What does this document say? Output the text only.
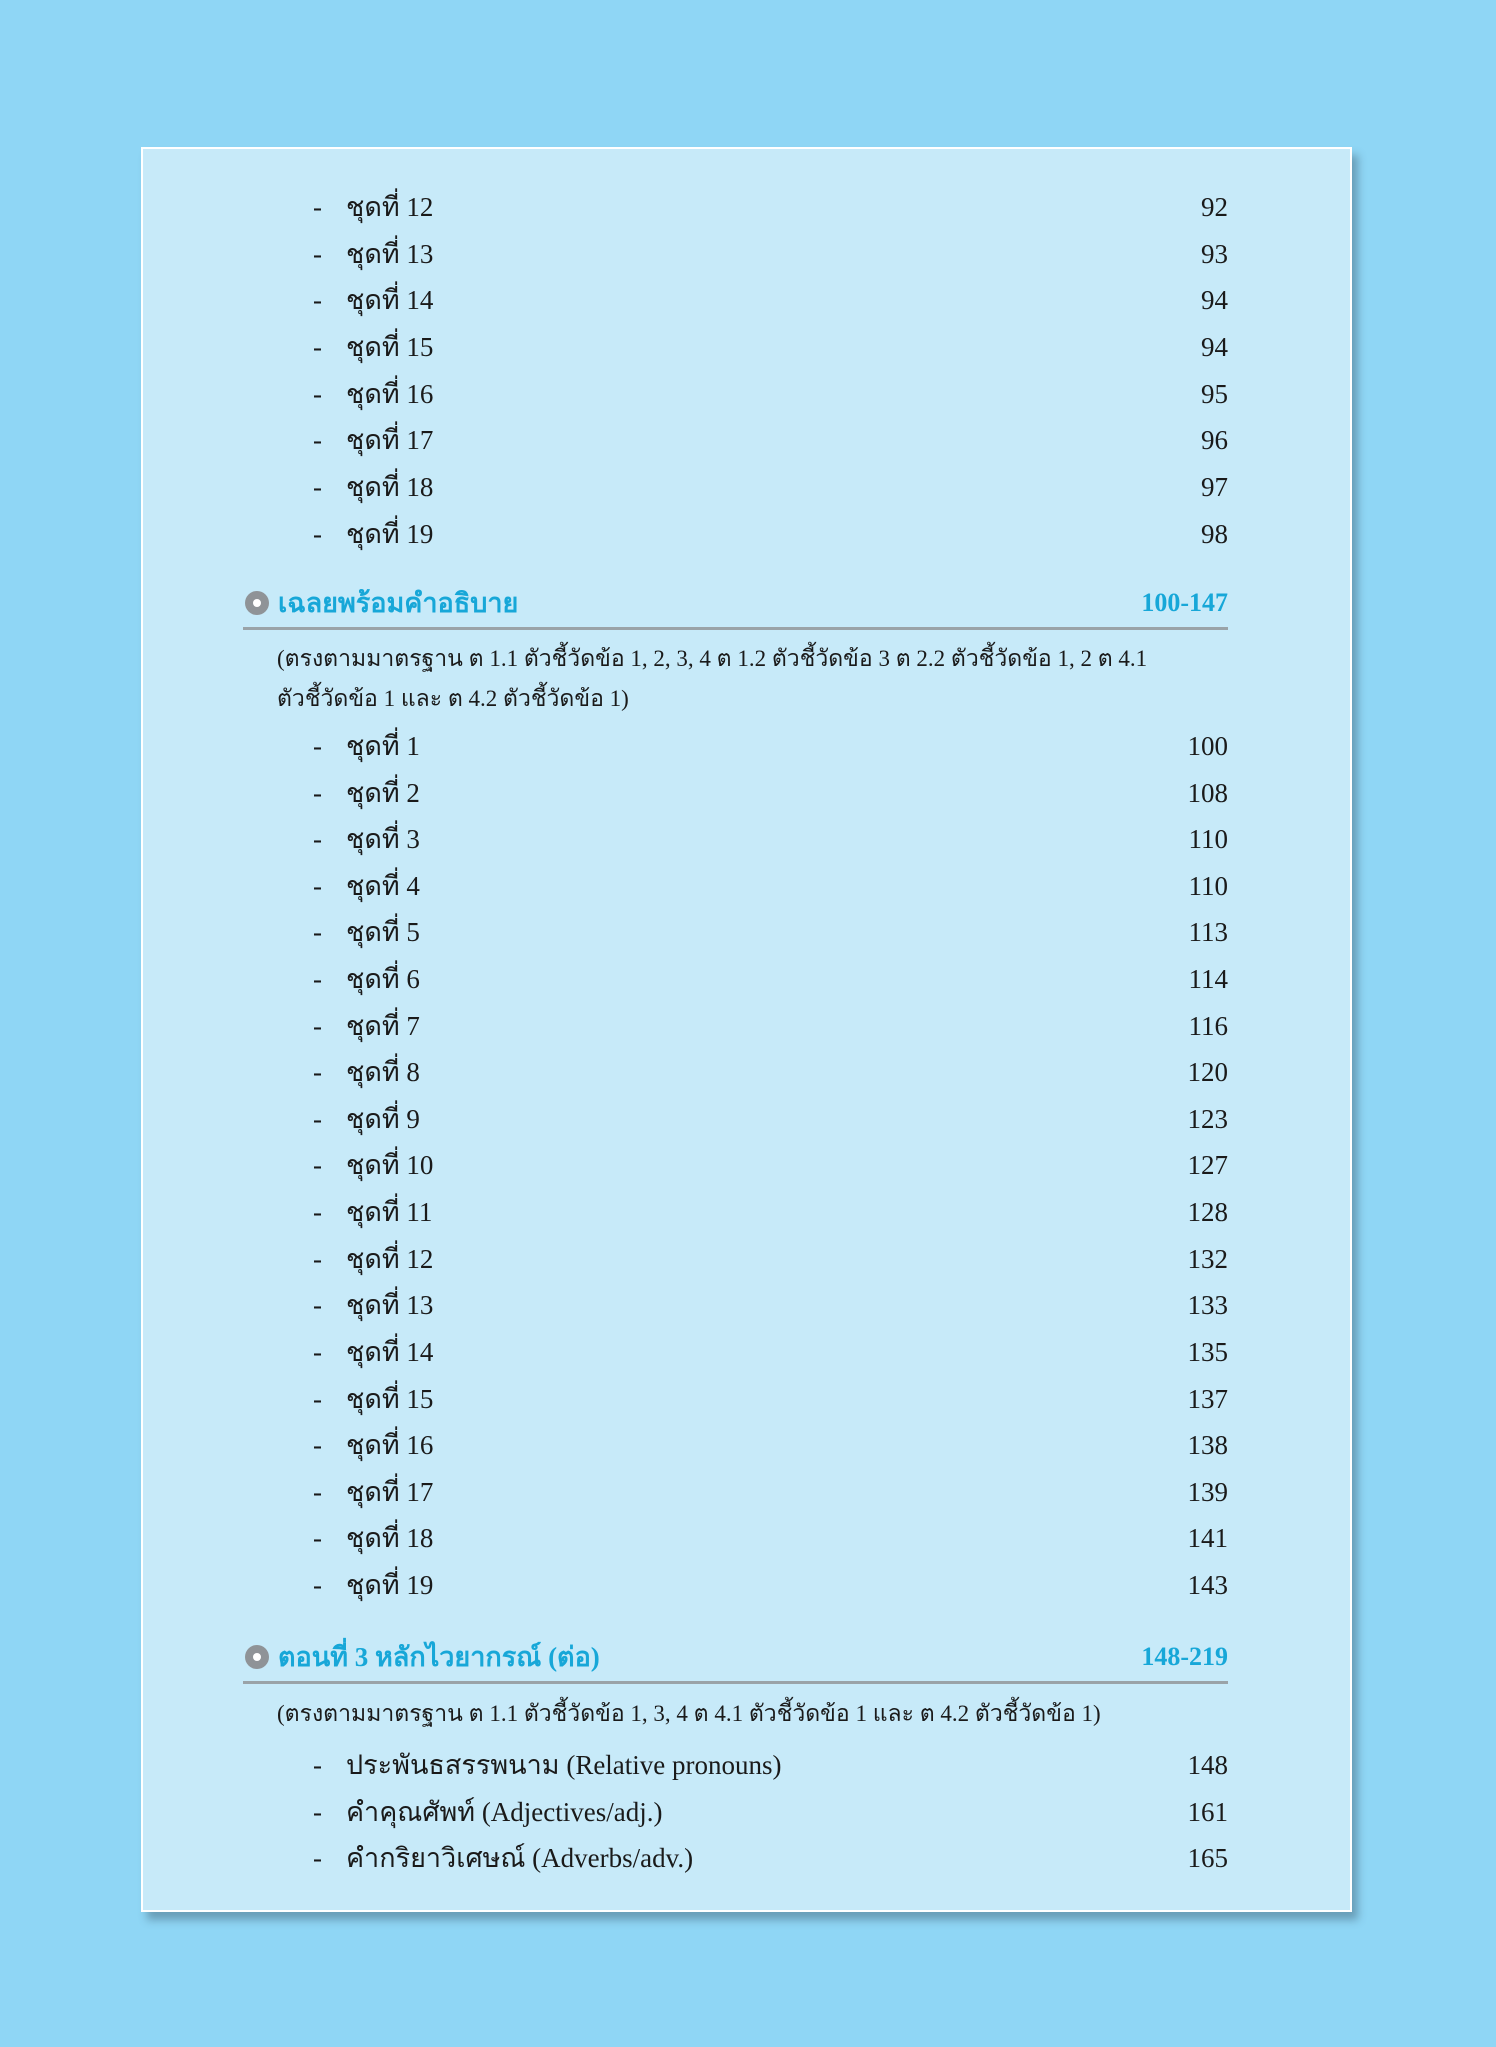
- ชุดที่ 12	92
- ชุดที่ 13	93
- ชุดที่ 14	94
- ชุดที่ 15	94
- ชุดที่ 16	95
- ชุดที่ 17	96
- ชุดที่ 18	97
- ชุดที่ 19	98
เฉลยพร้อมคำอธิบาย	100-147
(ตรงตามมาตรฐาน ต 1.1 ตัวชี้วัดข้อ 1, 2, 3, 4 ต 1.2 ตัวชี้วัดข้อ 3 ต 2.2 ตัวชี้วัดข้อ 1, 2 ต 4.1
ตัวชี้วัดข้อ 1 และ ต 4.2 ตัวชี้วัดข้อ 1)
- ชุดที่ 1	100
- ชุดที่ 2	108
- ชุดที่ 3	110
- ชุดที่ 4	110
- ชุดที่ 5	113
- ชุดที่ 6	114
- ชุดที่ 7	116
- ชุดที่ 8	120
- ชุดที่ 9	123
- ชุดที่ 10	127
- ชุดที่ 11	128
- ชุดที่ 12	132
- ชุดที่ 13	133
- ชุดที่ 14	135
- ชุดที่ 15	137
- ชุดที่ 16	138
- ชุดที่ 17	139
- ชุดที่ 18	141
- ชุดที่ 19	143
ตอนที่ 3 หลักไวยากรณ์ (ต่อ)	148-219
(ตรงตามมาตรฐาน ต 1.1 ตัวชี้วัดข้อ 1, 3, 4 ต 4.1 ตัวชี้วัดข้อ 1 และ ต 4.2 ตัวชี้วัดข้อ 1)
- ประพันธสรรพนาม (Relative pronouns)	148
- คำคุณศัพท์ (Adjectives/adj.)	161
- คำกริยาวิเศษณ์ (Adverbs/adv.)	165
